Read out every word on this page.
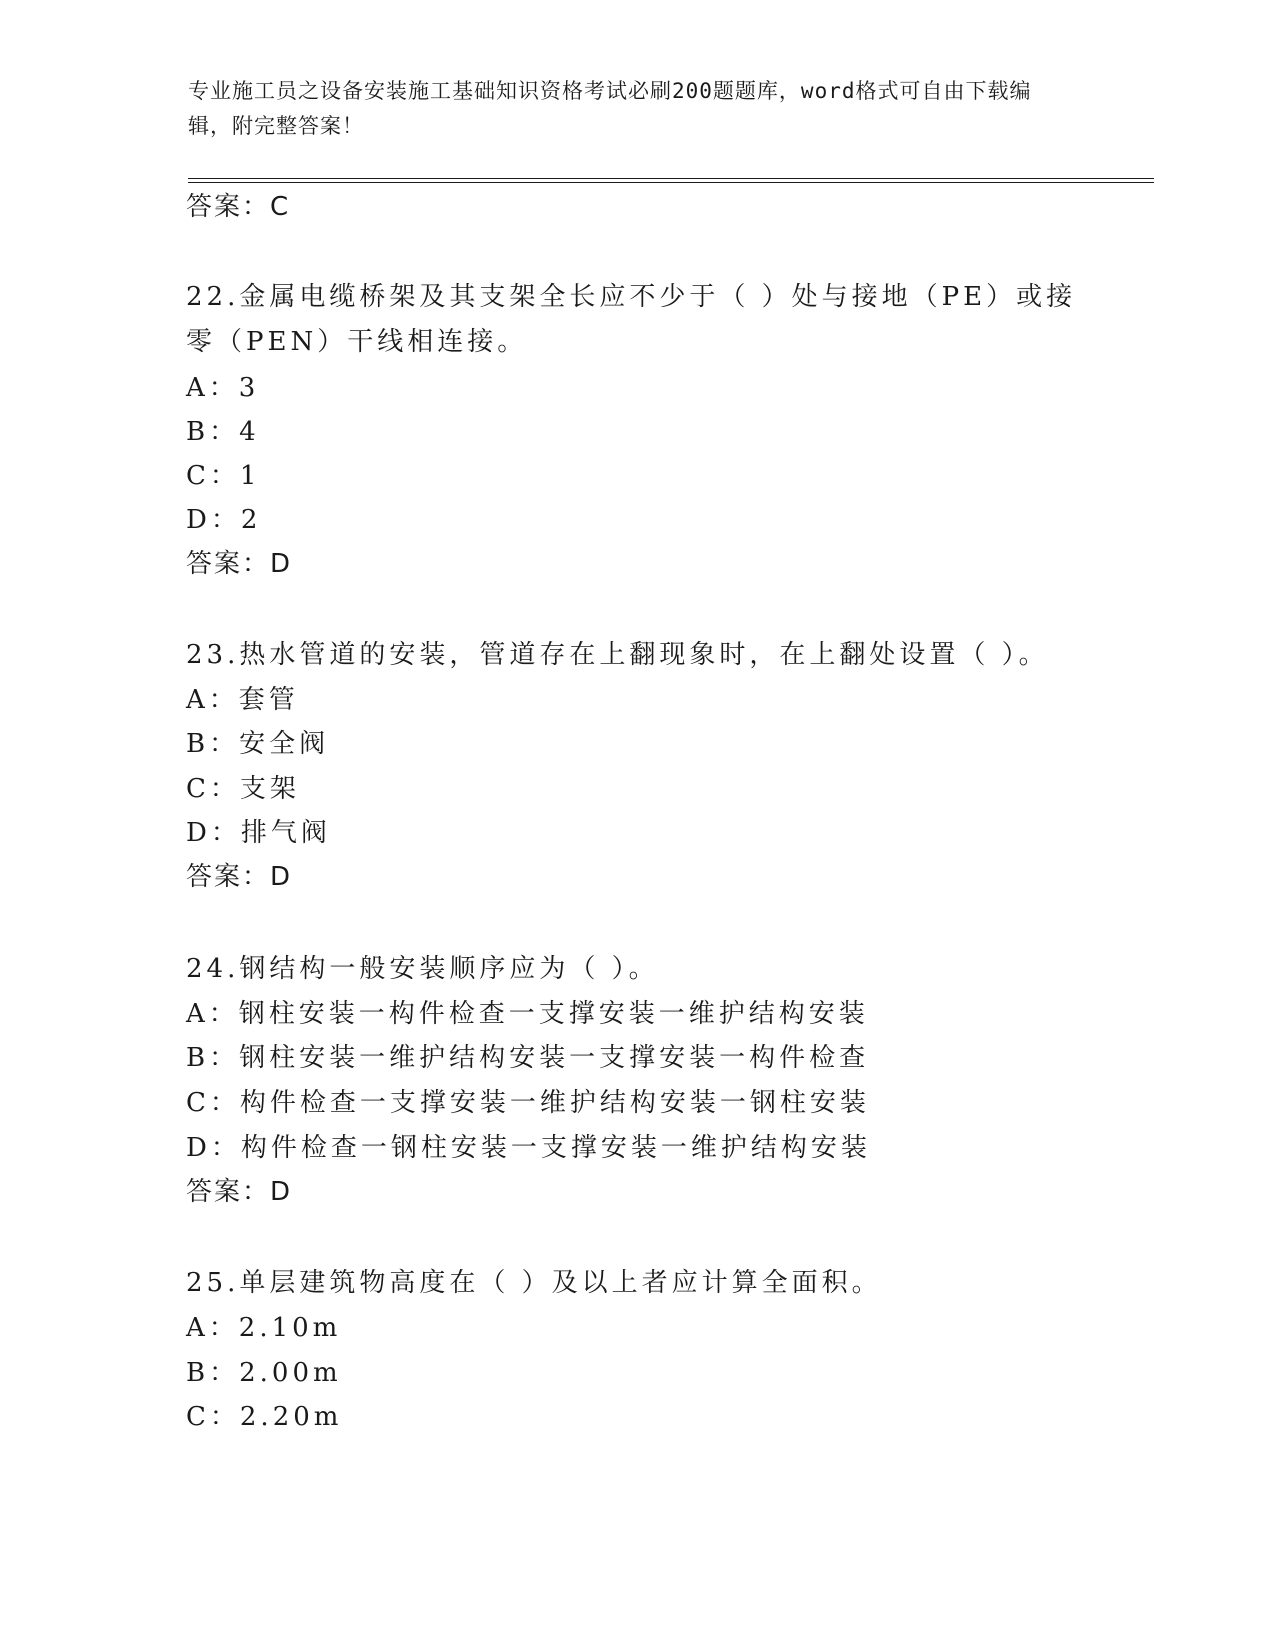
专业施工员之设备安装施工基础知识资格考试必刷200题题库，word格式可自由下载编辑，附完整答案！
答案：C
22.金属电缆桥架及其支架全长应不少于（ ）处与接地（PE）或接零（PEN）干线相连接。
A：3
B：4
C：1
D：2
答案：D
23.热水管道的安装，管道存在上翻现象时，在上翻处设置（ ）。
A：套管
B：安全阀
C：支架
D：排气阀
答案：D
24.钢结构一般安装顺序应为（ ）。
A：钢柱安装一构件检查一支撑安装一维护结构安装
B：钢柱安装一维护结构安装一支撑安装一构件检查
C：构件检查一支撑安装一维护结构安装一钢柱安装
D：构件检查一钢柱安装一支撑安装一维护结构安装
答案：D
25.单层建筑物高度在（ ）及以上者应计算全面积。
A：2.10m
B：2.00m
C：2.20m
